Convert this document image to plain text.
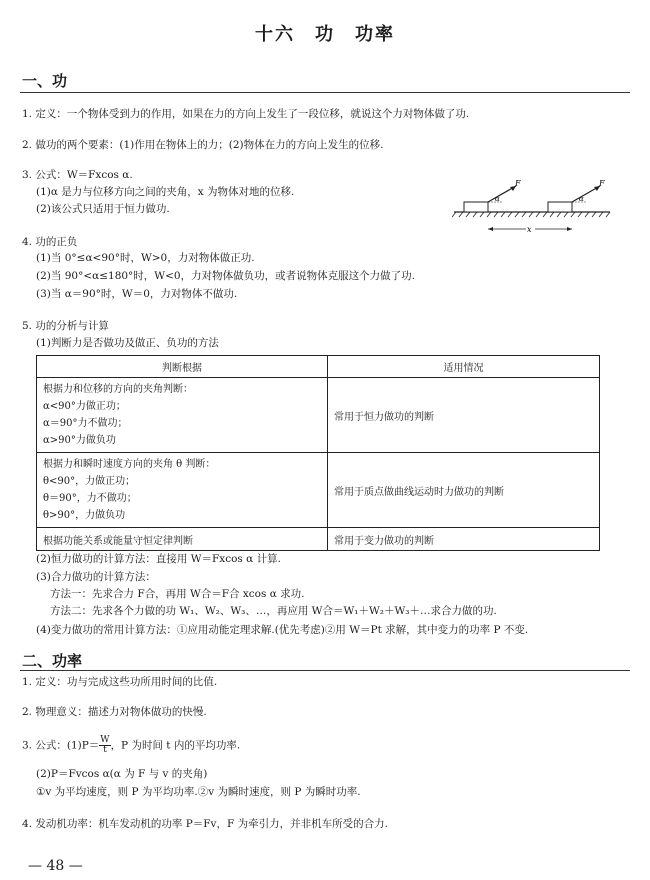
十六　功　功率
一、功
1. 定义：一个物体受到力的作用，如果在力的方向上发生了一段位移，就说这个力对物体做了功.
2. 做功的两个要素：(1)作用在物体上的力；(2)物体在力的方向上发生的位移.
3. 公式：W＝Fxcos α.
(1)α 是力与位移方向之间的夹角，x 为物体对地的位移.
(2)该公式只适用于恒力做功.
F	F
α	α
x
4. 功的正负
(1)当 0°≤α<90°时，W>0，力对物体做正功.
(2)当 90°<α≤180°时，W<0，力对物体做负功，或者说物体克服这个力做了功.
(3)当 α＝90°时，W＝0，力对物体不做功.
5. 功的分析与计算
(1)判断力是否做功及做正、负功的方法
判断根据	适用情况

根据力和位移的方向的夹角判断：
α<90°力做正功；
α＝90°力不做功；
α>90°力做负功	常用于恒力做功的判断

根据力和瞬时速度方向的夹角 θ 判断：
θ<90°，力做正功；
θ＝90°，力不做功；
θ>90°，力做负功	常用于质点做曲线运动时力做功的判断
根据功能关系或能量守恒定律判断	常用于变力做功的判断
(2)恒力做功的计算方法：直接用 W＝Fxcos α 计算.
(3)合力做功的计算方法：
方法一：先求合力 F合，再用 W合＝F合 xcos α 求功.
方法二：先求各个力做的功 W₁、W₂、W₃、…，再应用 W合＝W₁＋W₂＋W₃＋…求合力做的功.
(4)变力做功的常用计算方法：①应用动能定理求解.(优先考虑)②用 W＝Pt 求解，其中变力的功率 P 不变.
二、功率
1. 定义：功与完成这些功所用时间的比值.
2. 物理意义：描述力对物体做功的快慢.
3. 公式：$(1)P= \frac{W}{t}$ ，P 为时间 t 内的平均功率.
(2)P＝Fvcos α(α 为 F 与 v 的夹角)
①v 为平均速度，则 P 为平均功率.②v 为瞬时速度，则 P 为瞬时功率.
4. 发动机功率：机车发动机的功率 P＝Fv，F 为牵引力，并非机车所受的合力.
— 48 —
